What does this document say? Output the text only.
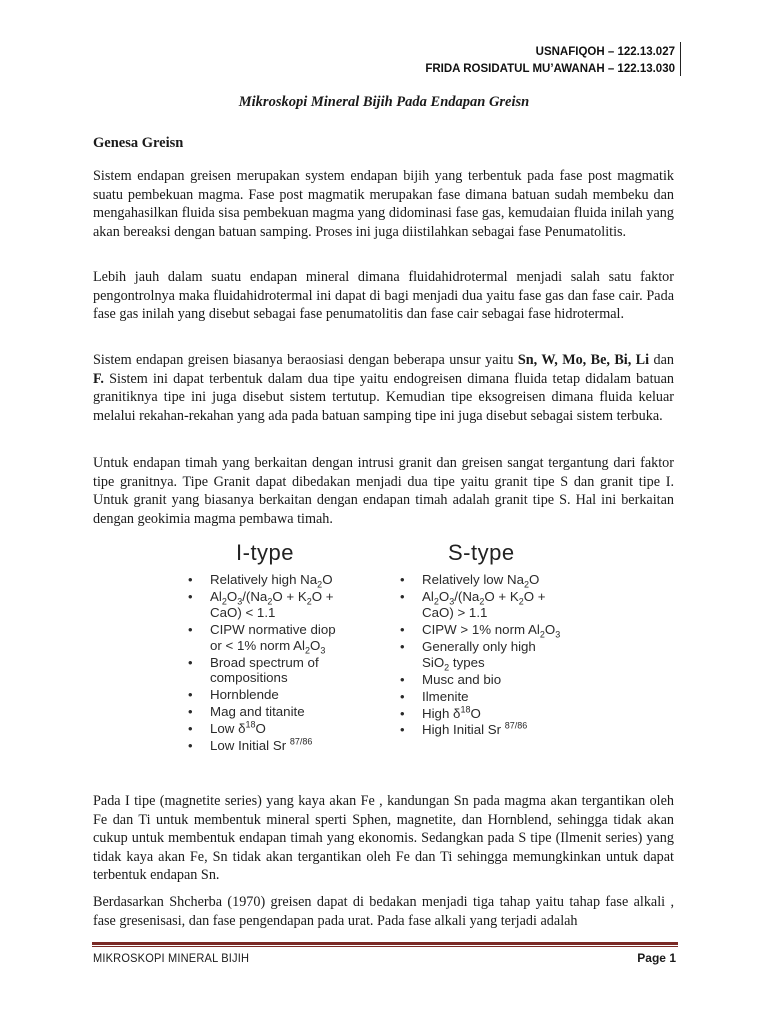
USNAFIQOH – 122.13.027
FRIDA ROSIDATUL MU’AWANAH – 122.13.030
Mikroskopi Mineral Bijih Pada Endapan Greisn
Genesa Greisn

Sistem endapan greisen merupakan system endapan bijih yang terbentuk pada fase post magmatik suatu pembekuan magma. Fase post magmatik merupakan fase dimana batuan sudah membeku dan mengahasilkan fluida sisa pembekuan magma yang didominasi fase gas, kemudaian fluida inilah yang akan bereaksi dengan batuan samping. Proses ini juga diistilahkan sebagai fase Penumatolitis.

Lebih jauh dalam suatu endapan mineral dimana fluidahidrotermal menjadi salah satu faktor pengontrolnya maka fluidahidrotermal ini dapat di bagi menjadi dua yaitu fase gas dan fase cair. Pada fase gas inilah yang disebut sebagai fase penumatolitis dan fase cair sebagai fase hidrotermal.

Sistem endapan greisen biasanya beraosiasi dengan beberapa unsur yaitu Sn, W, Mo, Be, Bi, Li dan F. Sistem ini dapat terbentuk dalam dua tipe yaitu endogreisen dimana fluida tetap didalam batuan granitiknya tipe ini juga disebut sistem tertutup. Kemudian tipe eksogreisen dimana fluida keluar melalui rekahan-rekahan yang ada pada batuan samping tipe ini juga disebut sebagai sistem terbuka.

Untuk endapan timah yang berkaitan dengan intrusi granit dan greisen sangat tergantung dari faktor tipe granitnya. Tipe Granit dapat dibedakan menjadi dua tipe yaitu granit tipe S dan granit tipe I. Untuk granit yang biasanya berkaitan dengan endapan timah adalah granit tipe S. Hal ini berkaitan dengan geokimia magma pembawa timah.

I-type
• Relatively high $Na_2O$
• $Al_2O_3/(Na_2O + K_2O$ +
CaO) < 1.1
• CIPW normative diop
or < 1% norm $Al_2O_3$
• Broad spectrum of
compositions
• Hornblende
• Mag and titanite
• Low $\delta^{18}O$
• Low Initial Sr $^{87/86}$
S-type
• Relatively low $Na_2O$
• $Al_2O_3/(Na_2O + K_2O$ +
CaO) > 1.1
• CIPW > 1% norm $Al_2O_3$
• Generally only high
SiO$_2$ types
• Musc and bio
• Ilmenite
• High $\delta^{18}O$
• High Initial Sr $^{87/86}$

Pada I tipe (magnetite series) yang kaya akan Fe , kandungan Sn pada magma akan tergantikan oleh Fe dan Ti untuk membentuk mineral sperti Sphen, magnetite, dan Hornblend, sehingga tidak akan cukup untuk membentuk endapan timah yang ekonomis. Sedangkan pada S tipe (Ilmenit series) yang tidak kaya akan Fe, Sn tidak akan tergantikan oleh Fe dan Ti sehingga memungkinkan untuk dapat terbentuk endapan Sn.

Berdasarkan Shcherba (1970) greisen dapat di bedakan menjadi tiga tahap yaitu tahap fase alkali , fase gresenisasi, dan fase pengendapan pada urat. Pada fase alkali yang terjadi adalah

MIKROSKOPI MINERAL BIJIH	Page 1
